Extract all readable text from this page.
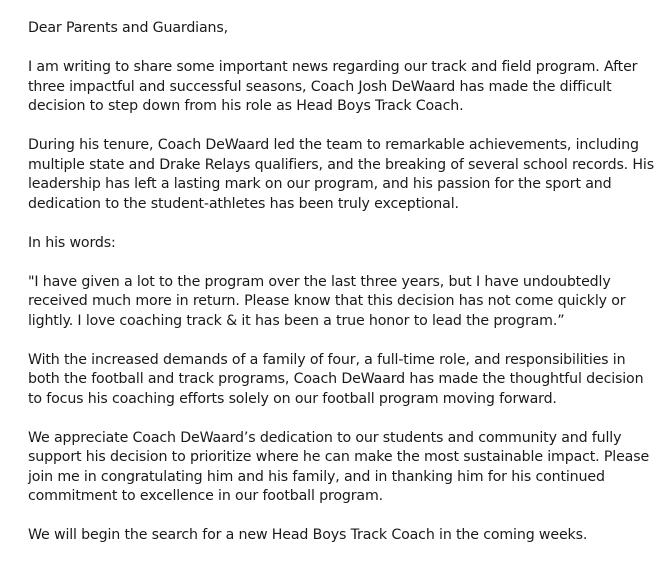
Dear Parents and Guardians,

I am writing to share some important news regarding our track and field program. After three impactful and successful seasons, Coach Josh DeWaard has made the difficult decision to step down from his role as Head Boys Track Coach.

During his tenure, Coach DeWaard led the team to remarkable achievements, including multiple state and Drake Relays qualifiers, and the breaking of several school records. His leadership has left a lasting mark on our program, and his passion for the sport and dedication to the student-athletes has been truly exceptional.

In his words:

"I have given a lot to the program over the last three years, but I have undoubtedly received much more in return. Please know that this decision has not come quickly or lightly. I love coaching track & it has been a true honor to lead the program.”

With the increased demands of a family of four, a full-time role, and responsibilities in both the football and track programs, Coach DeWaard has made the thoughtful decision to focus his coaching efforts solely on our football program moving forward.

We appreciate Coach DeWaard’s dedication to our students and community and fully support his decision to prioritize where he can make the most sustainable impact. Please join me in congratulating him and his family, and in thanking him for his continued commitment to excellence in our football program.

We will begin the search for a new Head Boys Track Coach in the coming weeks.
